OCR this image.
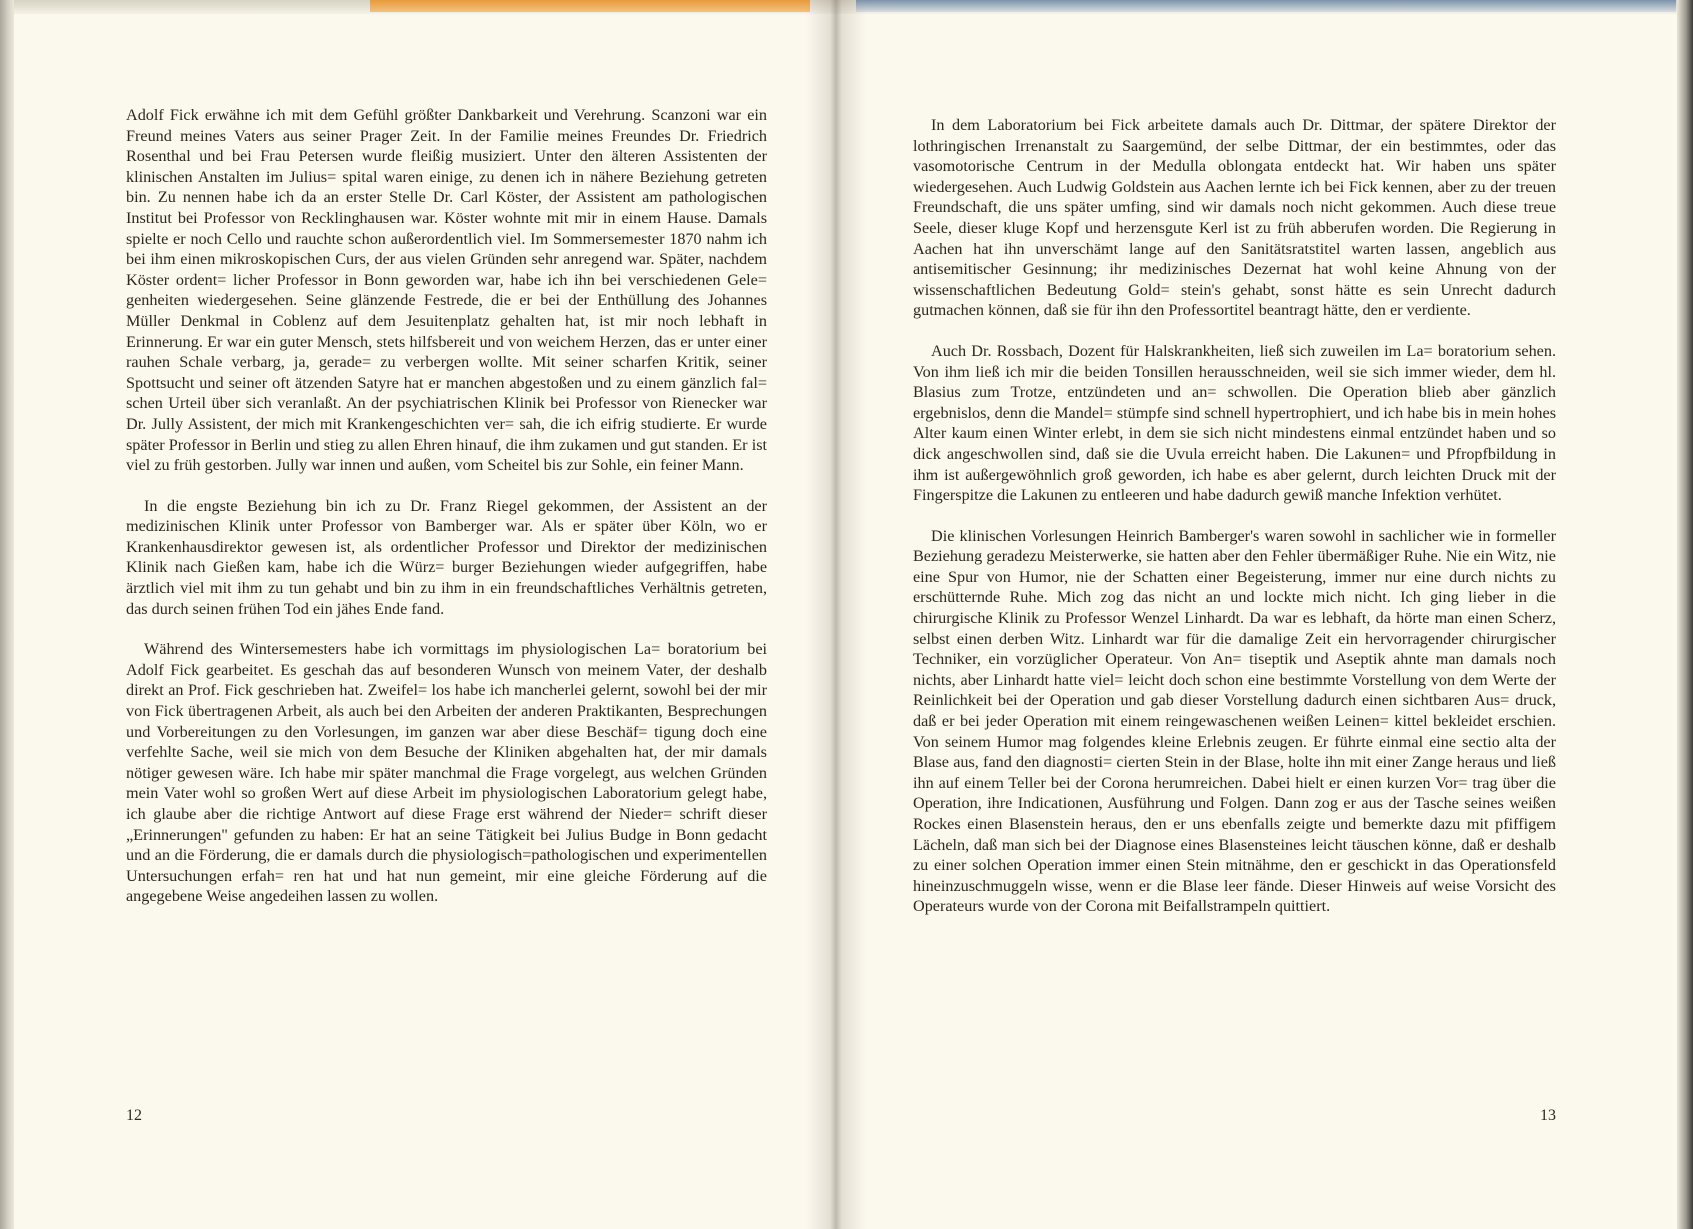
Adolf Fick erwähne ich mit dem Gefühl größter Dankbarkeit und Verehrung. Scanzoni war ein Freund meines Vaters aus seiner Prager Zeit. In der Familie meines Freundes Dr. Friedrich Rosenthal und bei Frau Petersen wurde fleißig musiziert. Unter den älteren Assistenten der klinischen Anstalten im Julius= spital waren einige, zu denen ich in nähere Beziehung getreten bin. Zu nennen habe ich da an erster Stelle Dr. Carl Köster, der Assistent am pathologischen Institut bei Professor von Recklinghausen war. Köster wohnte mit mir in einem Hause. Damals spielte er noch Cello und rauchte schon außerordentlich viel. Im Sommersemester 1870 nahm ich bei ihm einen mikroskopischen Curs, der aus vielen Gründen sehr anregend war. Später, nachdem Köster ordent= licher Professor in Bonn geworden war, habe ich ihn bei verschiedenen Gele= genheiten wiedergesehen. Seine glänzende Festrede, die er bei der Enthüllung des Johannes Müller Denkmal in Coblenz auf dem Jesuitenplatz gehalten hat, ist mir noch lebhaft in Erinnerung. Er war ein guter Mensch, stets hilfsbereit und von weichem Herzen, das er unter einer rauhen Schale verbarg, ja, gerade= zu verbergen wollte. Mit seiner scharfen Kritik, seiner Spottsucht und seiner oft ätzenden Satyre hat er manchen abgestoßen und zu einem gänzlich fal= schen Urteil über sich veranlaßt. An der psychiatrischen Klinik bei Professor von Rienecker war Dr. Jully Assistent, der mich mit Krankengeschichten ver= sah, die ich eifrig studierte. Er wurde später Professor in Berlin und stieg zu allen Ehren hinauf, die ihm zukamen und gut standen. Er ist viel zu früh gestorben. Jully war innen und außen, vom Scheitel bis zur Sohle, ein feiner Mann.

In die engste Beziehung bin ich zu Dr. Franz Riegel gekommen, der Assistent an der medizinischen Klinik unter Professor von Bamberger war. Als er später über Köln, wo er Krankenhausdirektor gewesen ist, als ordentlicher Professor und Direktor der medizinischen Klinik nach Gießen kam, habe ich die Würz= burger Beziehungen wieder aufgegriffen, habe ärztlich viel mit ihm zu tun gehabt und bin zu ihm in ein freundschaftliches Verhältnis getreten, das durch seinen frühen Tod ein jähes Ende fand.

Während des Wintersemesters habe ich vormittags im physiologischen La= boratorium bei Adolf Fick gearbeitet. Es geschah das auf besonderen Wunsch von meinem Vater, der deshalb direkt an Prof. Fick geschrieben hat. Zweifel= los habe ich mancherlei gelernt, sowohl bei der mir von Fick übertragenen Arbeit, als auch bei den Arbeiten der anderen Praktikanten, Besprechungen und Vorbereitungen zu den Vorlesungen, im ganzen war aber diese Beschäf= tigung doch eine verfehlte Sache, weil sie mich von dem Besuche der Kliniken abgehalten hat, der mir damals nötiger gewesen wäre. Ich habe mir später manchmal die Frage vorgelegt, aus welchen Gründen mein Vater wohl so großen Wert auf diese Arbeit im physiologischen Laboratorium gelegt habe, ich glaube aber die richtige Antwort auf diese Frage erst während der Nieder= schrift dieser „Erinnerungen" gefunden zu haben: Er hat an seine Tätigkeit bei Julius Budge in Bonn gedacht und an die Förderung, die er damals durch die physiologisch=pathologischen und experimentellen Untersuchungen erfah= ren hat und hat nun gemeint, mir eine gleiche Förderung auf die angegebene Weise angedeihen lassen zu wollen.

12

In dem Laboratorium bei Fick arbeitete damals auch Dr. Dittmar, der spätere Direktor der lothringischen Irrenanstalt zu Saargemünd, der selbe Dittmar, der ein bestimmtes, oder das vasomotorische Centrum in der Medulla oblongata entdeckt hat. Wir haben uns später wiedergesehen. Auch Ludwig Goldstein aus Aachen lernte ich bei Fick kennen, aber zu der treuen Freundschaft, die uns später umfing, sind wir damals noch nicht gekommen. Auch diese treue Seele, dieser kluge Kopf und herzensgute Kerl ist zu früh abberufen worden. Die Regierung in Aachen hat ihn unverschämt lange auf den Sanitätsratstitel warten lassen, angeblich aus antisemitischer Gesinnung; ihr medizinisches Dezernat hat wohl keine Ahnung von der wissenschaftlichen Bedeutung Gold= stein's gehabt, sonst hätte es sein Unrecht dadurch gutmachen können, daß sie für ihn den Professortitel beantragt hätte, den er verdiente.

Auch Dr. Rossbach, Dozent für Halskrankheiten, ließ sich zuweilen im La= boratorium sehen. Von ihm ließ ich mir die beiden Tonsillen herausschneiden, weil sie sich immer wieder, dem hl. Blasius zum Trotze, entzündeten und an= schwollen. Die Operation blieb aber gänzlich ergebnislos, denn die Mandel= stümpfe sind schnell hypertrophiert, und ich habe bis in mein hohes Alter kaum einen Winter erlebt, in dem sie sich nicht mindestens einmal entzündet haben und so dick angeschwollen sind, daß sie die Uvula erreicht haben. Die Lakunen= und Pfropfbildung in ihm ist außergewöhnlich groß geworden, ich habe es aber gelernt, durch leichten Druck mit der Fingerspitze die Lakunen zu entleeren und habe dadurch gewiß manche Infektion verhütet.

Die klinischen Vorlesungen Heinrich Bamberger's waren sowohl in sachlicher wie in formeller Beziehung geradezu Meisterwerke, sie hatten aber den Fehler übermäßiger Ruhe. Nie ein Witz, nie eine Spur von Humor, nie der Schatten einer Begeisterung, immer nur eine durch nichts zu erschütternde Ruhe. Mich zog das nicht an und lockte mich nicht. Ich ging lieber in die chirurgische Klinik zu Professor Wenzel Linhardt. Da war es lebhaft, da hörte man einen Scherz, selbst einen derben Witz. Linhardt war für die damalige Zeit ein hervorragender chirurgischer Techniker, ein vorzüglicher Operateur. Von An= tiseptik und Aseptik ahnte man damals noch nichts, aber Linhardt hatte viel= leicht doch schon eine bestimmte Vorstellung von dem Werte der Reinlichkeit bei der Operation und gab dieser Vorstellung dadurch einen sichtbaren Aus= druck, daß er bei jeder Operation mit einem reingewaschenen weißen Leinen= kittel bekleidet erschien. Von seinem Humor mag folgendes kleine Erlebnis zeugen. Er führte einmal eine sectio alta der Blase aus, fand den diagnosti= cierten Stein in der Blase, holte ihn mit einer Zange heraus und ließ ihn auf einem Teller bei der Corona herumreichen. Dabei hielt er einen kurzen Vor= trag über die Operation, ihre Indicationen, Ausführung und Folgen. Dann zog er aus der Tasche seines weißen Rockes einen Blasenstein heraus, den er uns ebenfalls zeigte und bemerkte dazu mit pfiffigem Lächeln, daß man sich bei der Diagnose eines Blasensteines leicht täuschen könne, daß er deshalb zu einer solchen Operation immer einen Stein mitnähme, den er geschickt in das Operationsfeld hineinzuschmuggeln wisse, wenn er die Blase leer fände. Dieser Hinweis auf weise Vorsicht des Operateurs wurde von der Corona mit Beifallstrampeln quittiert.

13
